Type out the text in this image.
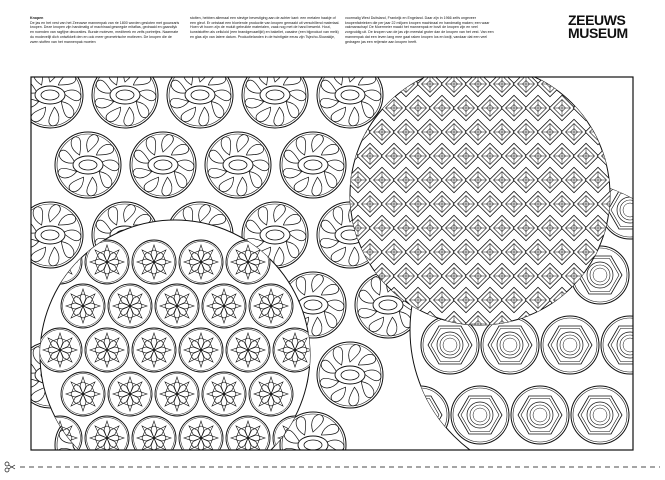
Knopen

De jas en het vest van het Zeeuwse mannenpak van rie 1800 worden gesloten met gouwzaris knopen. Deze knopen zijn handmatig of machinaal gesnegde mitaflas, gedraaid en gaandlyk en noenden van ragfijne decoraties. Buraie moteven, mediterek en zelfs portretjes. Naarmate du modevelijt dich ontwikkelt den en ook meer geometrische motieven. De knopen die de zwen stoffen van het mannenpak moeten

stolten, hebben allemaal een stevige bevestiging aan de achter kant: een metalen haakje of een gleuf. Er ontstaat een bloeiende productie van knopen gemaakt uit verschillend materiaal. Hoen vit hoorn zijn de muluit gebruikte materialen, vaak nog met de hand bewerkt. Hout, kunststoffen als celluloid (een brandgevaarlijkt) en bakeliet, casaine (een bijproduct van melk) en glas zijn van latere datum. Productielanden in de twintigste eeuw zijn Tsjecho-Slowakije,

voormalig West Duitsland, Frankrijk en Engeland. Daar zijn in 1966 zelfs ongeveer knopenfabrieken die per jaar 22 miljoen knopen machinaal en handmatig maken; een waar vakmanschap! De Moermeier maakt het mannenpak er bovil de knopen zijn en veel zorgvuldig uit. De knopen van de jas zijn meestal groter dan de knopen van het vest. Van een mannenpak dat een leven lang mee gaat raken knopen los en kwijt, vandaar dat een veel gedragen jas een reijenste aan knopen heeft.

ZEEUWS
MUSEUM
